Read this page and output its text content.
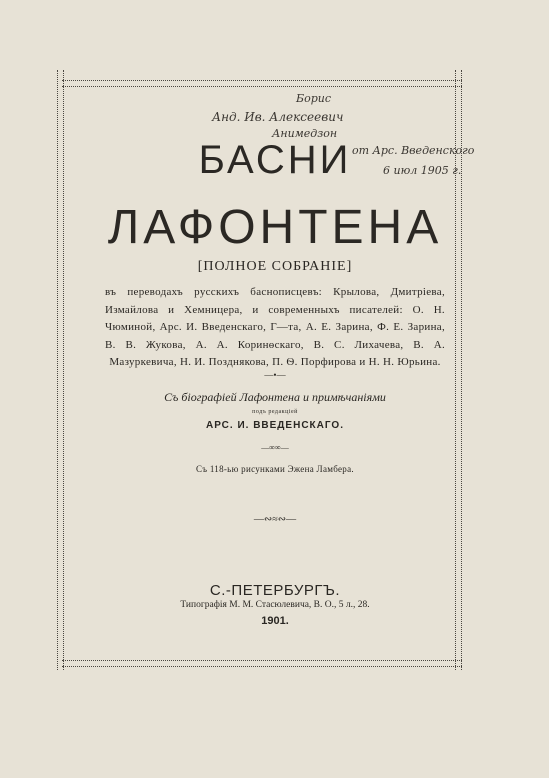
Борис
Анд. Ив. Алексеевич
Анимедзон
от Арс. Введенского
6 июл 1905 г.
БАСНИ
ЛАФОНТЕНА
[ПОЛНОЕ СОБРАНІЕ]
въ переводахъ русскихъ баснописцевъ: Крылова, Дмитріева, Измайлова и Хемницера, и современныхъ писателей: О. Н. Чюминой, Арс. И. Введенскаго, Г—та, А. Е. Зарина, Ф. Е. Зарина, В. В. Жукова, А. А. Коринѳскаго, В. С. Лихачева, В. А. Мазуркевича, Н. И. Позднякова, П. Ѳ. Порфирова и Н. Н. Юрьина.
—•—
Съ біографіей Лафонтена и примѣчаніями
подъ редакціей
АРС. И. ВВЕДЕНСКАГО.
—∞∞—
Съ 118-ью рисунками Эжена Ламбера.
—∾≈∾—
С.-ПЕТЕРБУРГЪ.
Типографія М. М. Стасюлевича, В. О., 5 л., 28.
1901.
